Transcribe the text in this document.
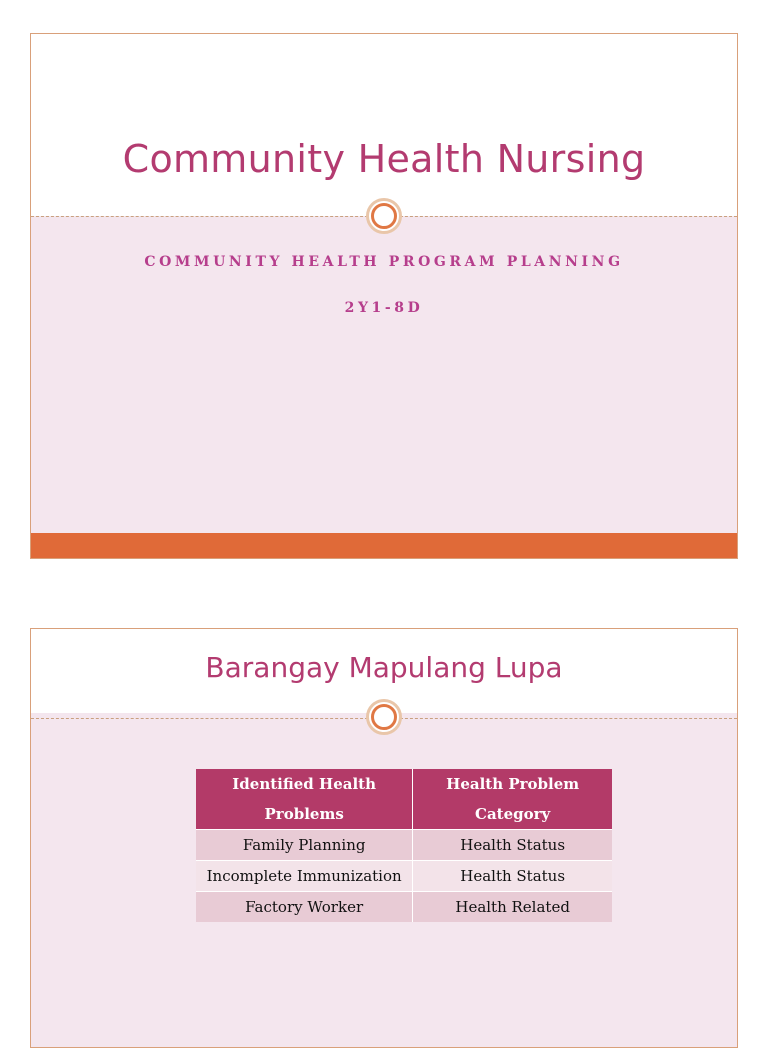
Community Health Nursing

COMMUNITY HEALTH PROGRAM PLANNING

2Y1-8D

Barangay Mapulang Lupa
Identified Health Problems	Health Problem Category
Family Planning	Health Status
Incomplete Immunization	Health Status
Factory Worker	Health Related
